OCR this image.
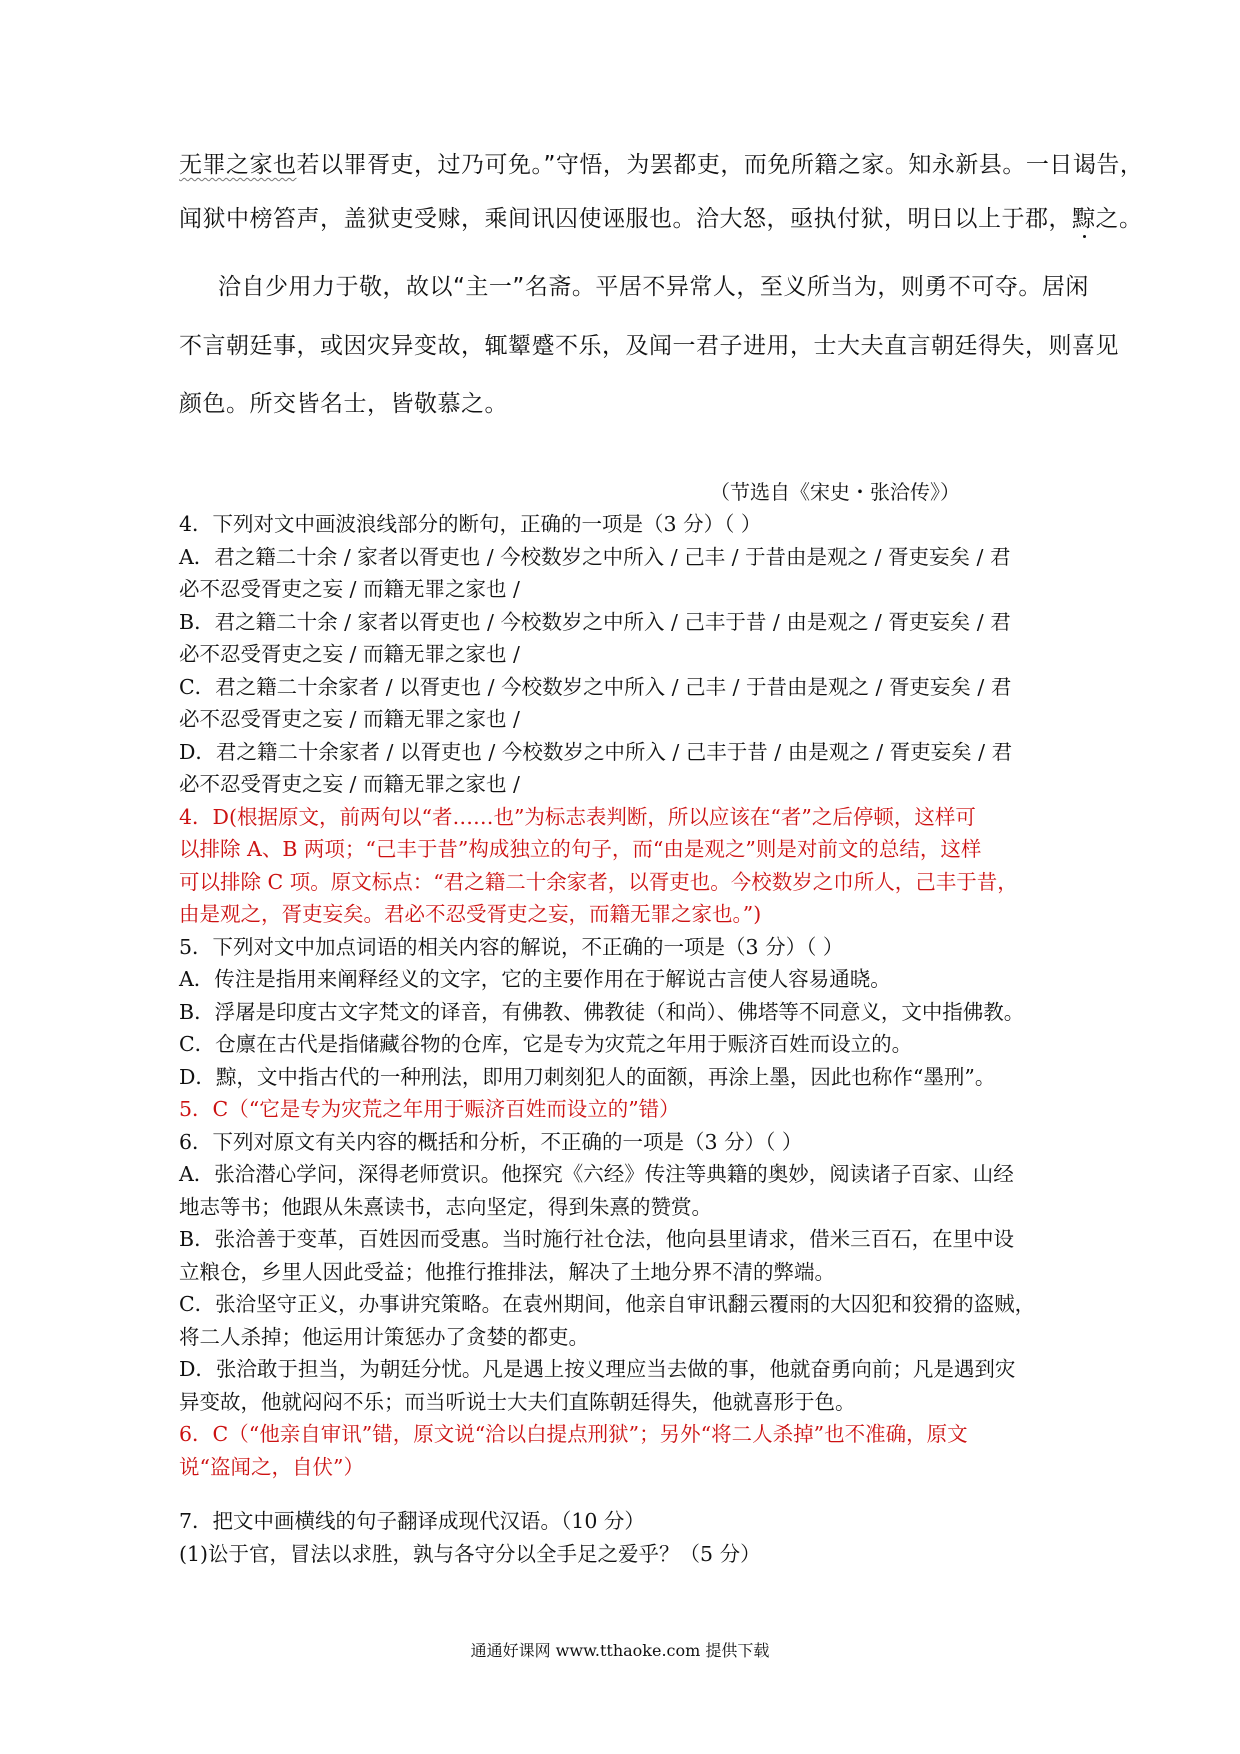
无罪之家也若以罪胥吏，过乃可免。”守悟，为罢都吏，而免所籍之家。知永新县。一日谒告，
闻狱中榜笞声，盖狱吏受赇，乘间讯囚使诬服也。洽大怒，亟执付狱，明日以上于郡，黥之。
洽自少用力于敬，故以“主一”名斋。平居不异常人，至义所当为，则勇不可夺。居闲
不言朝廷事，或因灾异变故，辄颦蹙不乐，及闻一君子进用，士大夫直言朝廷得失，则喜见
颜色。所交皆名士，皆敬慕之。
（节选自《宋史・张洽传》）
4．下列对文中画波浪线部分的断句，正确的一项是（3 分）（ ）
A．君之籍二十余 / 家者以胥吏也 / 今校数岁之中所入 / 己丰 / 于昔由是观之 / 胥吏妄矣 / 君
必不忍受胥吏之妄 / 而籍无罪之家也 /
B．君之籍二十余 / 家者以胥吏也 / 今校数岁之中所入 / 己丰于昔 / 由是观之 / 胥吏妄矣 / 君
必不忍受胥吏之妄 / 而籍无罪之家也 /
C．君之籍二十余家者 / 以胥吏也 / 今校数岁之中所入 / 己丰 / 于昔由是观之 / 胥吏妄矣 / 君
必不忍受胥吏之妄 / 而籍无罪之家也 /
D．君之籍二十余家者 / 以胥吏也 / 今校数岁之中所入 / 己丰于昔 / 由是观之 / 胥吏妄矣 / 君
必不忍受胥吏之妄 / 而籍无罪之家也 /
4．D(根据原文，前两句以“者……也”为标志表判断，所以应该在“者”之后停顿，这样可
以排除 A、B 两项；“己丰于昔”构成独立的句子，而“由是观之”则是对前文的总结，这样
可以排除 C 项。原文标点：“君之籍二十余家者，以胥吏也。今校数岁之巾所人，己丰于昔，
由是观之，胥吏妄矣。君必不忍受胥吏之妄，而籍无罪之家也。”)
5．下列对文中加点词语的相关内容的解说，不正确的一项是（3 分）（ ）
A．传注是指用来阐释经义的文字，它的主要作用在于解说古言使人容易通晓。
B．浮屠是印度古文字梵文的译音，有佛教、佛教徒（和尚）、佛塔等不同意义，文中指佛教。
C．仓廪在古代是指储藏谷物的仓库，它是专为灾荒之年用于赈济百姓而设立的。
D．黥，文中指古代的一种刑法，即用刀刺刻犯人的面额，再涂上墨，因此也称作“墨刑”。
5．C（“它是专为灾荒之年用于赈济百姓而设立的”错）
6．下列对原文有关内容的概括和分析，不正确的一项是（3 分）（ ）
A．张洽潜心学问，深得老师赏识。他探究《六经》传注等典籍的奥妙，阅读诸子百家、山经
地志等书；他跟从朱熹读书，志向坚定，得到朱熹的赞赏。
B．张洽善于变革，百姓因而受惠。当时施行社仓法，他向县里请求，借米三百石，在里中设
立粮仓，乡里人因此受益；他推行推排法，解决了土地分界不清的弊端。
C．张洽坚守正义，办事讲究策略。在袁州期间，他亲自审讯翻云覆雨的大囚犯和狡猾的盗贼，
将二人杀掉；他运用计策惩办了贪婪的都吏。
D．张洽敢于担当，为朝廷分忧。凡是遇上按义理应当去做的事，他就奋勇向前；凡是遇到灾
异变故，他就闷闷不乐；而当听说士大夫们直陈朝廷得失，他就喜形于色。
6．C（“他亲自审讯”错，原文说“洽以白提点刑狱”；另外“将二人杀掉”也不准确，原文
说“盗闻之，自伏”）
7．把文中画横线的句子翻译成现代汉语。（10 分）
(1)讼于官，冒法以求胜，孰与各守分以全手足之爱乎？（5 分）
通通好课网 www.tthaoke.com 提供下载
